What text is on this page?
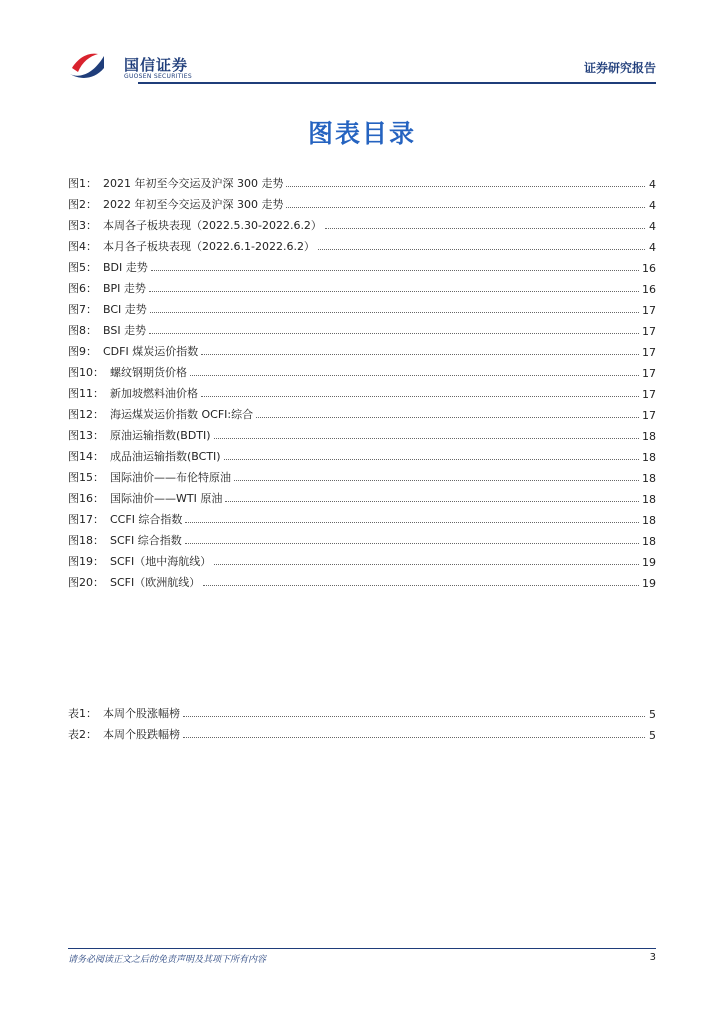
国信证券
GUOSEN SECURITIES
证券研究报告
图表目录
图1： 2021 年初至今交运及沪深 300 走势	4
图2： 2022 年初至今交运及沪深 300 走势	4
图3： 本周各子板块表现（2022.5.30-2022.6.2）	4
图4： 本月各子板块表现（2022.6.1-2022.6.2）	4
图5： BDI 走势	16
图6： BPI 走势	16
图7： BCI 走势	17
图8： BSI 走势	17
图9： CDFI 煤炭运价指数	17
图10： 螺纹钢期货价格	17
图11： 新加坡燃料油价格	17
图12： 海运煤炭运价指数 OCFI:综合	17
图13： 原油运输指数(BDTI)	18
图14： 成品油运输指数(BCTI)	18
图15： 国际油价——布伦特原油	18
图16： 国际油价——WTI 原油	18
图17： CCFI 综合指数	18
图18： SCFI 综合指数	18
图19： SCFI（地中海航线）	19
图20： SCFI（欧洲航线）	19
表1： 本周个股涨幅榜	5
表2： 本周个股跌幅榜	5
请务必阅读正文之后的免责声明及其项下所有内容	3
